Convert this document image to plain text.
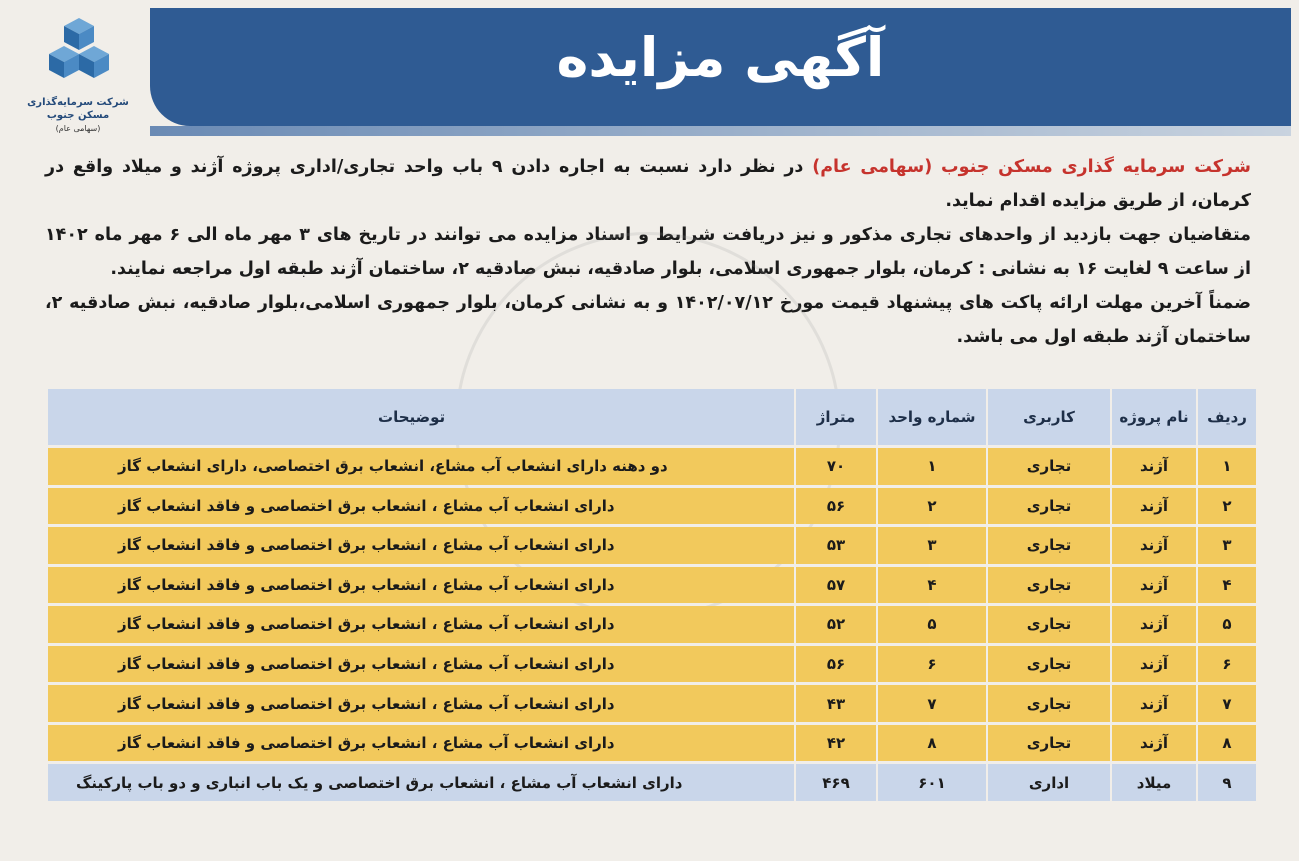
آگهی مزایده
شرکت سرمایه‌گذاری
مسکن جنوب
(سهامی عام)

شرکت سرمایه گذاری مسکن جنوب (سهامی عام) در نظر دارد نسبت به اجاره دادن ۹ باب واحد تجاری/اداری پروژه آژند و میلاد واقع در کرمان، از طریق مزایده اقدام نماید.

متقاضیان جهت بازدید از واحدهای تجاری مذکور و نیز دریافت شرایط و اسناد مزایده می توانند در تاریخ های ۳ مهر ماه الی ۶ مهر ماه ۱۴۰۲ از ساعت ۹ لغایت ۱۶ به نشانی : کرمان، بلوار جمهوری اسلامی، بلوار صادقیه، نبش صادقیه ۲، ساختمان آژند طبقه اول مراجعه نمایند.

ضمناً آخرین مهلت ارائه پاکت های پیشنهاد قیمت مورخ ۱۴۰۲/۰۷/۱۲ و به نشانی کرمان، بلوار جمهوری اسلامی،بلوار صادقیه، نبش صادقیه ۲، ساختمان آژند طبقه اول می باشد.

ردیف	نام پروژه	کاربری	شماره واحد	متراژ	توضیحات
۱	آژند	تجاری	۱	۷۰	دو دهنه دارای انشعاب آب مشاع، انشعاب برق اختصاصی، دارای انشعاب گاز
۲	آژند	تجاری	۲	۵۶	دارای انشعاب آب مشاع ، انشعاب برق اختصاصی و فاقد انشعاب گاز
۳	آژند	تجاری	۳	۵۳	دارای انشعاب آب مشاع ، انشعاب برق اختصاصی و فاقد انشعاب گاز
۴	آژند	تجاری	۴	۵۷	دارای انشعاب آب مشاع ، انشعاب برق اختصاصی و فاقد انشعاب گاز
۵	آژند	تجاری	۵	۵۲	دارای انشعاب آب مشاع ، انشعاب برق اختصاصی و فاقد انشعاب گاز
۶	آژند	تجاری	۶	۵۶	دارای انشعاب آب مشاع ، انشعاب برق اختصاصی و فاقد انشعاب گاز
۷	آژند	تجاری	۷	۴۳	دارای انشعاب آب مشاع ، انشعاب برق اختصاصی و فاقد انشعاب گاز
۸	آژند	تجاری	۸	۴۲	دارای انشعاب آب مشاع ، انشعاب برق اختصاصی و فاقد انشعاب گاز
۹	میلاد	اداری	۶۰۱	۴۶۹	دارای انشعاب آب مشاع ، انشعاب برق اختصاصی و یک باب انباری و دو باب پارکینگ
